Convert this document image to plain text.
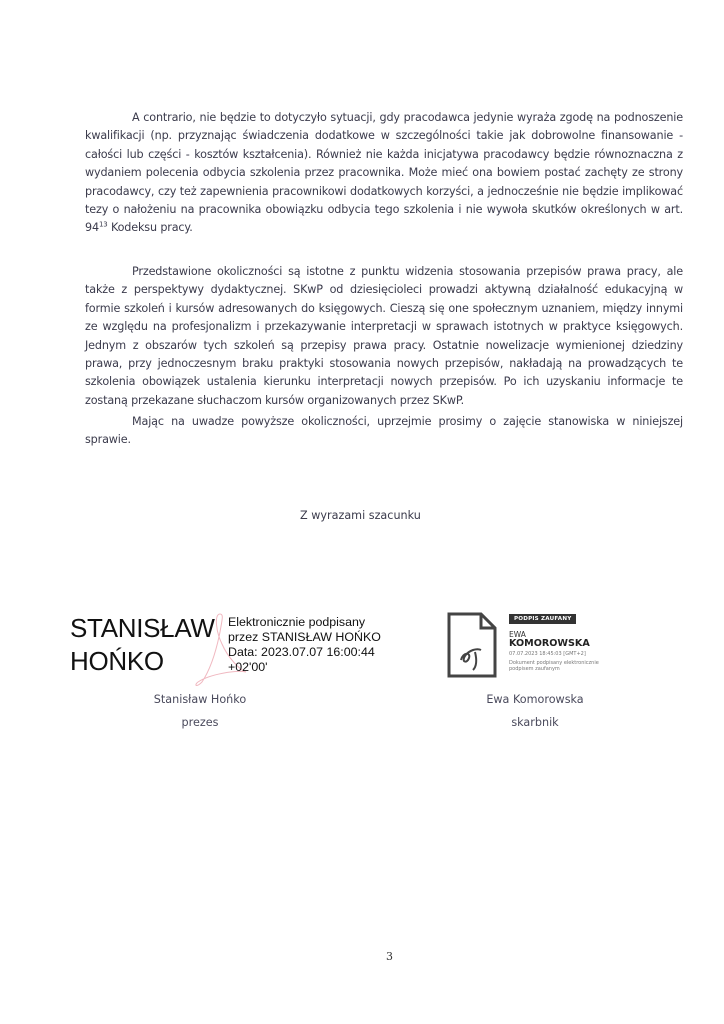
A contrario, nie będzie to dotyczyło sytuacji, gdy pracodawca jedynie wyraża zgodę na podnoszenie kwalifikacji (np. przyznając świadczenia dodatkowe w szczególności takie jak dobrowolne finansowanie - całości lub części - kosztów kształcenia). Również nie każda inicjatywa pracodawcy będzie równoznaczna z wydaniem polecenia odbycia szkolenia przez pracownika. Może mieć ona bowiem postać zachęty ze strony pracodawcy, czy też zapewnienia pracownikowi dodatkowych korzyści, a jednocześnie nie będzie implikować tezy o nałożeniu na pracownika obowiązku odbycia tego szkolenia i nie wywoła skutków określonych w art. $94^{13}$ Kodeksu pracy.
Przedstawione okoliczności są istotne z punktu widzenia stosowania przepisów prawa pracy, ale także z perspektywy dydaktycznej. SKwP od dziesięcioleci prowadzi aktywną działalność edukacyjną w formie szkoleń i kursów adresowanych do księgowych. Cieszą się one społecznym uznaniem, między innymi ze względu na profesjonalizm i przekazywanie interpretacji w sprawach istotnych w praktyce księgowych. Jednym z obszarów tych szkoleń są przepisy prawa pracy. Ostatnie nowelizacje wymienionej dziedziny prawa, przy jednoczesnym braku praktyki stosowania nowych przepisów, nakładają na prowadzących te szkolenia obowiązek ustalenia kierunku interpretacji nowych przepisów. Po ich uzyskaniu informacje te zostaną przekazane słuchaczom kursów organizowanych przez SKwP.
Mając na uwadze powyższe okoliczności, uprzejmie prosimy o zajęcie stanowiska w niniejszej sprawie.
Z wyrazami szacunku
STANISŁAW
HOŃKO
Elektronicznie podpisany
przez STANISŁAW HOŃKO
Data: 2023.07.07 16:00:44
+02'00'
Stanisław Hońko
prezes
PODPIS ZAUFANY
EWA
KOMOROWSKA
07.07.2023 18:45:03 [GMT+2]
Dokument podpisany elektronicznie podpisem zaufanym
Ewa Komorowska
skarbnik
3
